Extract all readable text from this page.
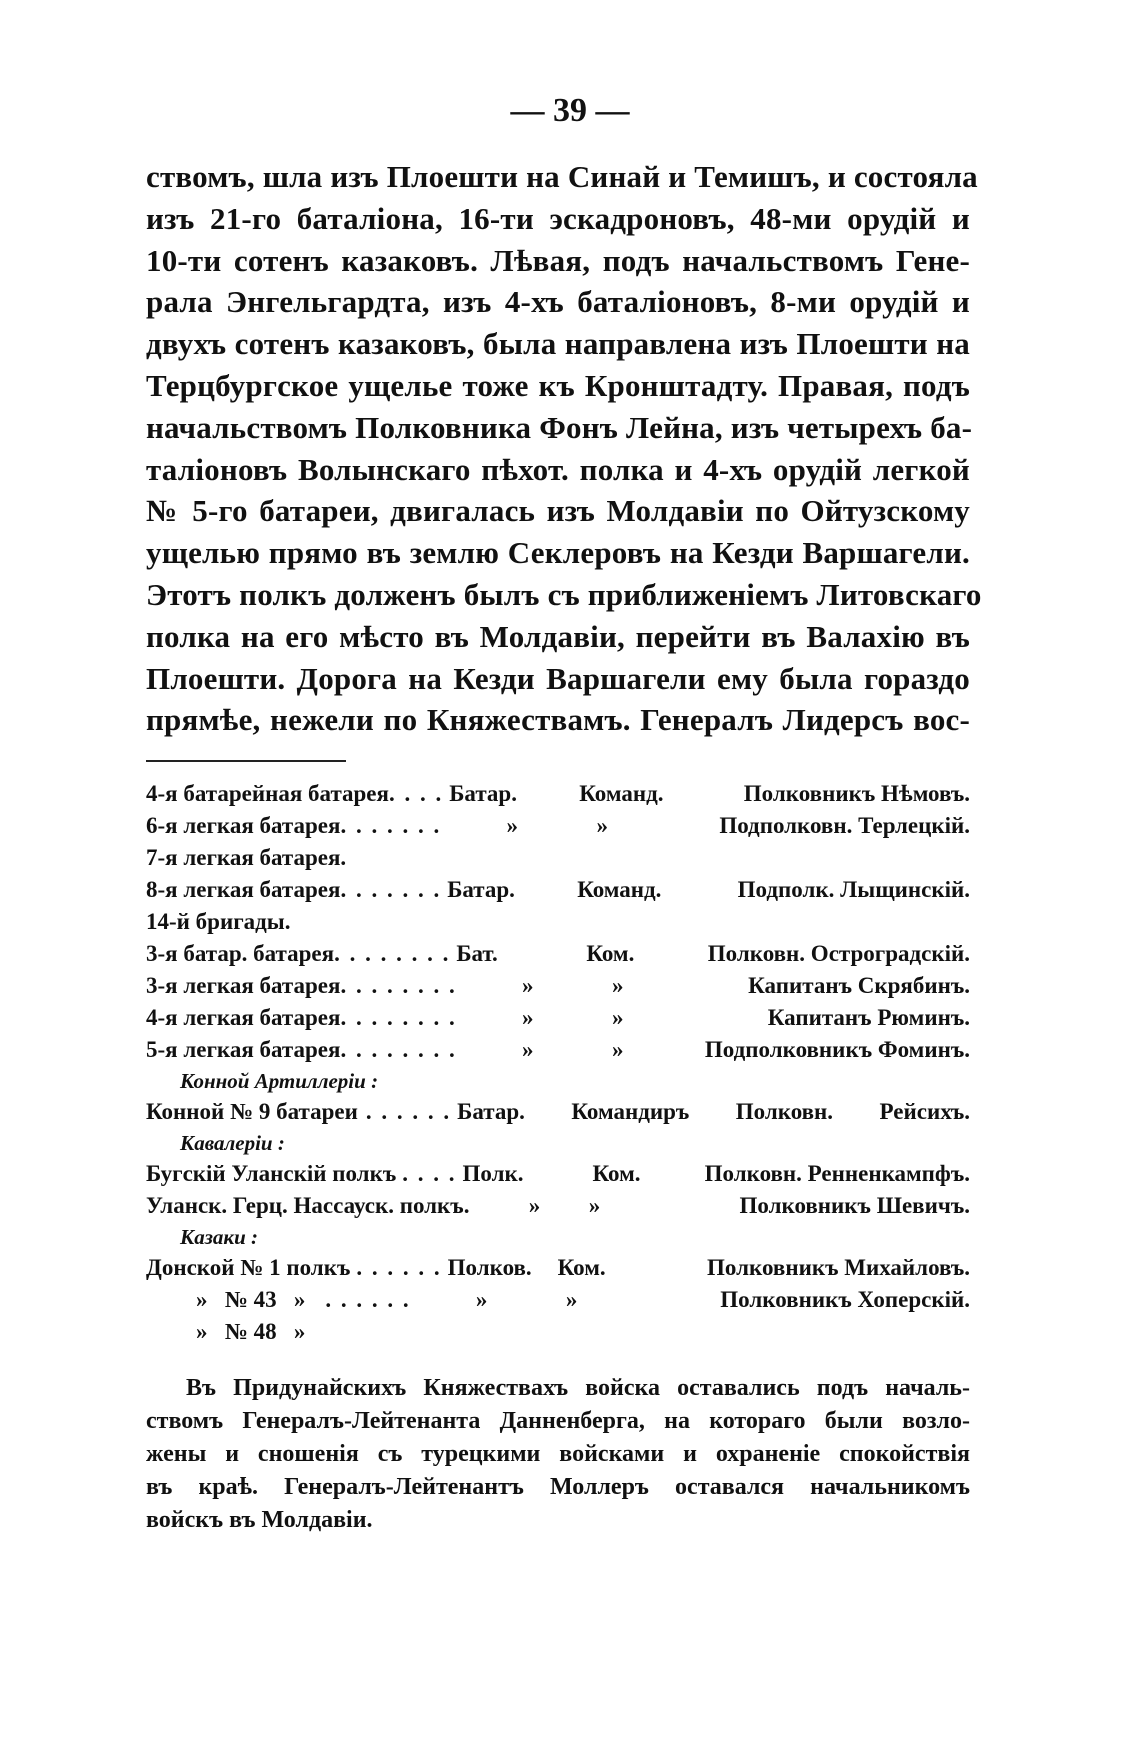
— 39 —
ствомъ, шла изъ Плоешти на Синай и Темишъ, и состояла
изъ 21-го баталіона, 16-ти эскадроновъ, 48-ми орудій и
10-ти сотенъ казаковъ. Лѣвая, подъ начальствомъ Гене-
рала Энгельгардта, изъ 4-хъ баталіоновъ, 8-ми орудій и
двухъ сотенъ казаковъ, была направлена изъ Плоешти на
Терцбургское ущелье тоже къ Кронштадту. Правая, подъ
начальствомъ Полковника Фонъ Лейна, изъ четырехъ ба-
таліоновъ Волынскаго пѣхот. полка и 4-хъ орудій легкой
№ 5-го батареи, двигалась изъ Молдавіи по Ойтузскому
ущелью прямо въ землю Секлеровъ на Кезди Варшагели.
Этотъ полкъ долженъ былъ съ приближеніемъ Литовскаго
полка на его мѣсто въ Молдавіи, перейти въ Валахію въ
Плоешти. Дорога на Кезди Варшагели ему была гораздо
прямѣе, нежели по Княжествамъ. Генералъ Лидерсъ вос-
4-я батарейная батарея . . . . Батар.	Команд.	Полковникъ Нѣмовъ.
6-я легкая батарея . . . . . . .	»	»	Подполковн. Терлецкій.
7-я легкая батарея.
8-я легкая батарея . . . . . . . Батар.	Команд.	Подполк. Лыщинскій.
14-й бригады.
3-я батар. батарея . . . . . . . . Бат.	Ком.	Полковн. Остроградскій.
3-я легкая батарея . . . . . . . .	»	»	Капитанъ Скрябинъ.
4-я легкая батарея . . . . . . . .	»	»	Капитанъ Рюминъ.
5-я легкая батарея . . . . . . . .	»	»	Подполковникъ Фоминъ.
Конной Артиллеріи :
Конной № 9 батареи . . . . . . Батар. Командиръ Полковн. Рейсихъ.
Кавалеріи :
Бугскій Уланскій полкъ . . . . Полк.	Ком.	Полковн. Ренненкампфъ.
Уланск. Герц. Нассауск. полкъ.	»	»	Полковникъ Шевичъ.
Казаки :
Донской № 1 полкъ . . . . . . Полков.	Ком.	Полковникъ Михайловъ.
»   № 43   » . . . . . .	»	»	Полковникъ Хоперскій.
»   № 48   »
Въ Придунайскихъ Княжествахъ войска оставались подъ началь-
ствомъ Генералъ-Лейтенанта Данненберга, на котораго были возло-
жены и сношенія съ турецкими войсками и охраненіе спокойствія
въ краѣ. Генералъ-Лейтенантъ Моллеръ оставался начальникомъ
войскъ въ Молдавіи.
